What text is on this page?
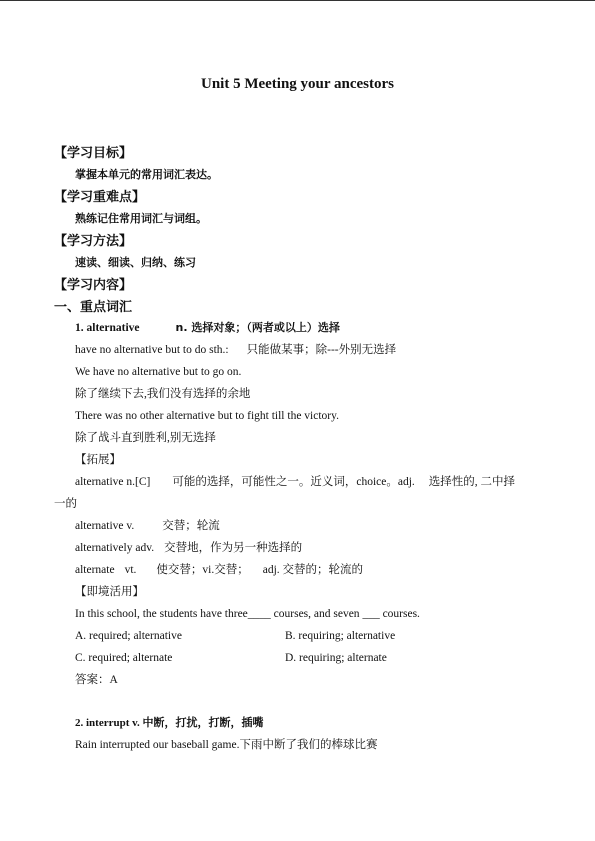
Unit 5 Meeting your ancestors
【学习目标】
掌握本单元的常用词汇表达。
【学习重难点】
熟练记住常用词汇与词组。
【学习方法】
速读、细读、归纳、练习
【学习内容】
一、重点词汇
1. alternative	n. 选择对象；（两者或以上）选择
have no alternative but to do sth.: 只能做某事；除---外别无选择
We have no alternative but to go on.
除了继续下去,我们没有选择的余地
There was no other alternative but to fight till the victory.
除了战斗直到胜利,别无选择
【拓展】
alternative n.[C] 可能的选择，可能性之一。近义词，choice。adj. 选择性的, 二中择
一的
alternative v. 交替；轮流
alternatively adv. 交替地，作为另一种选择的
alternate vt. 使交替；vi.交替； adj. 交替的；轮流的
【即境活用】
In this school, the students have three____ courses, and seven ___ courses.
A. required; alternative	B. requiring; alternative
C. required; alternate	D. requiring; alternate
答案：A
2. interrupt v. 中断，打扰，打断，插嘴
Rain interrupted our baseball game.下雨中断了我们的棒球比赛
